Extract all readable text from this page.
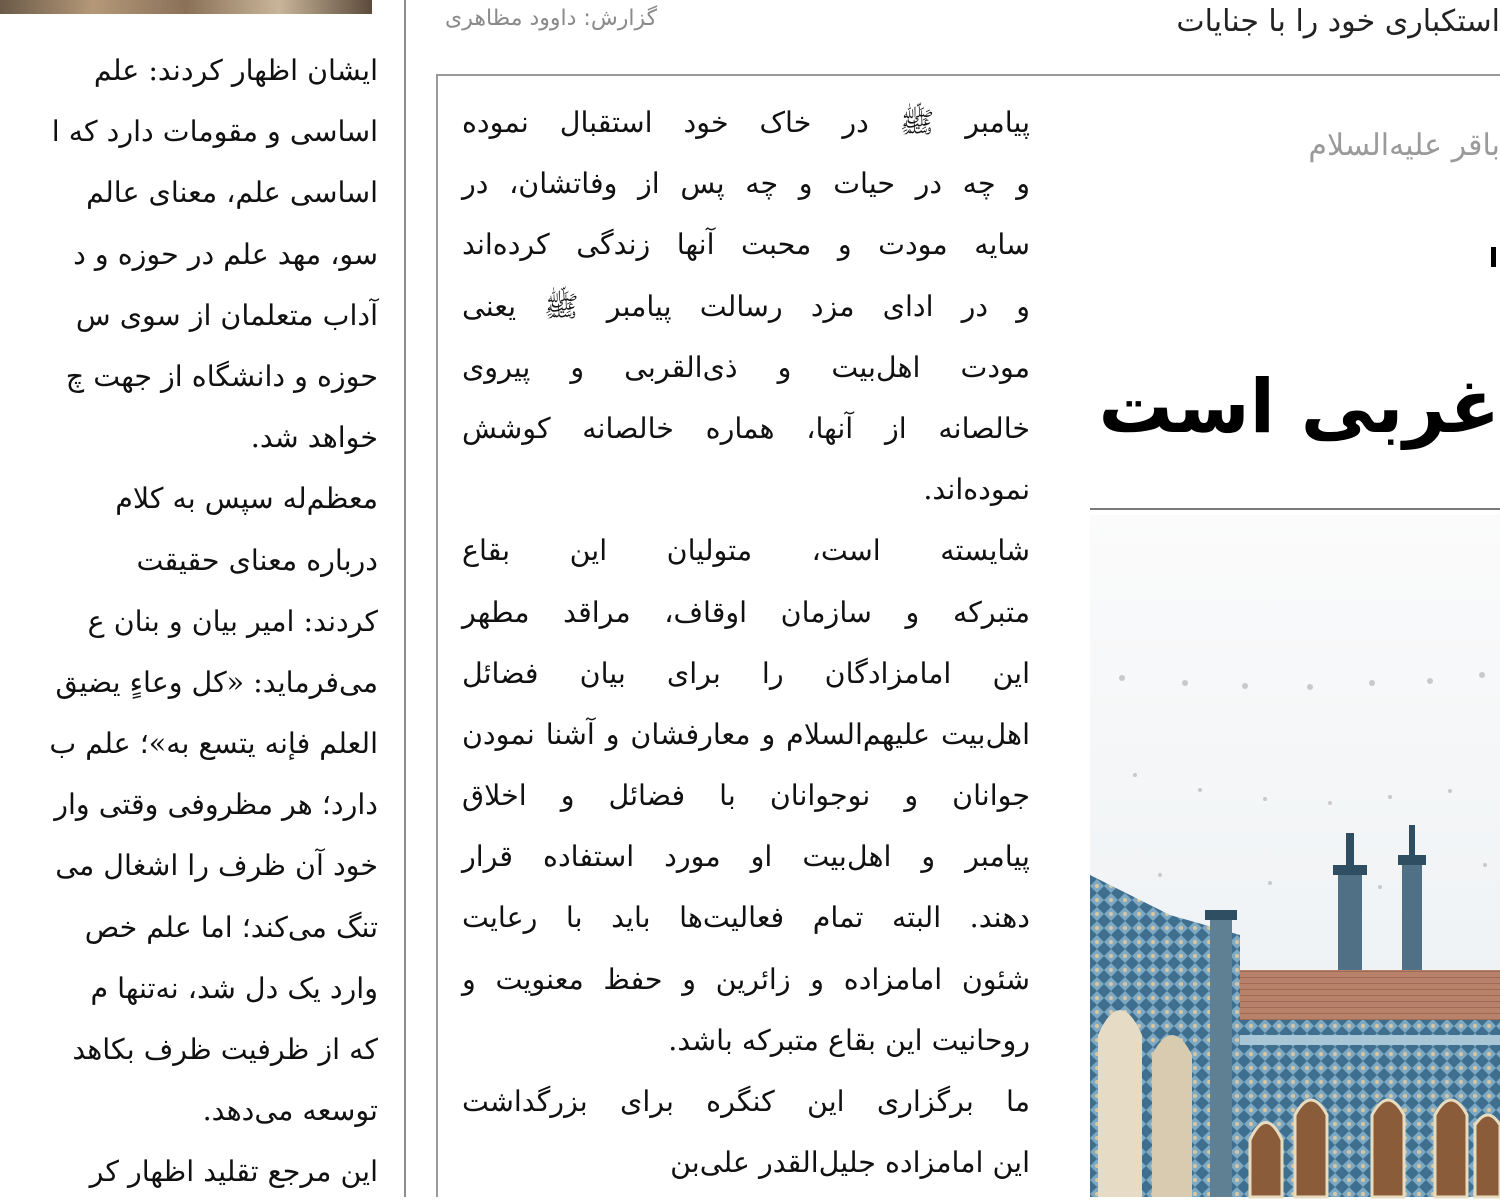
گزارش: داوود مظاهری	استکباری خود را با جنایات
ایشان اظهار کردند: علم
اساسی و مقومات دارد که ا
اساسی علم، معنای عالم
سو، مهد علم در حوزه و د
آداب متعلمان از سوی س
حوزه و دانشگاه از جهت چ
خواهد شد.
معظم‌له سپس به کلام
درباره معنای حقیقت
کردند: امیر بیان و بنان ع
می‌فرماید: «کل وعاءٍ یضیق
العلم فإنه یتسع به»؛ علم ب
دارد؛ هر مظروفی وقتی وار
خود آن ظرف را اشغال می
تنگ می‌کند؛ اما علم خص
وارد یک دل شد، نه‌تنها م
که از ظرفیت ظرف بکاهد
توسعه می‌دهد.
این مرجع تقلید اظهار کر

پیامبر ﷺ در خاک خود استقبال نموده
و چه در حیات و چه پس از وفاتشان، در
سایه مودت و محبت آنها زندگی کرده‌اند
و در ادای مزد رسالت پیامبر ﷺ یعنی
مودت اهل‌بیت و ذی‌القربی و پیروی
خالصانه از آنها، هماره خالصانه کوشش
نموده‌اند.

شایسته است، متولیان این بقاع
متبرکه و سازمان اوقاف، مراقد مطهر
این امامزادگان را برای بیان فضائل
اهل‌بیت علیهم‌السلام و معارفشان و آشنا نمودن
جوانان و نوجوانان با فضائل و اخلاق
پیامبر و اهل‌بیت او مورد استفاده قرار
دهند. البته تمام فعالیت‌ها باید با رعایت
شئون امامزاده و زائرین و حفظ معنویت و
روحانیت این بقاع متبرکه باشد.

ما برگزاری این کنگره برای بزرگداشت
این امامزاده جلیل‌القدر علی‌بن

باقر علیه‌السلام
غربی است
